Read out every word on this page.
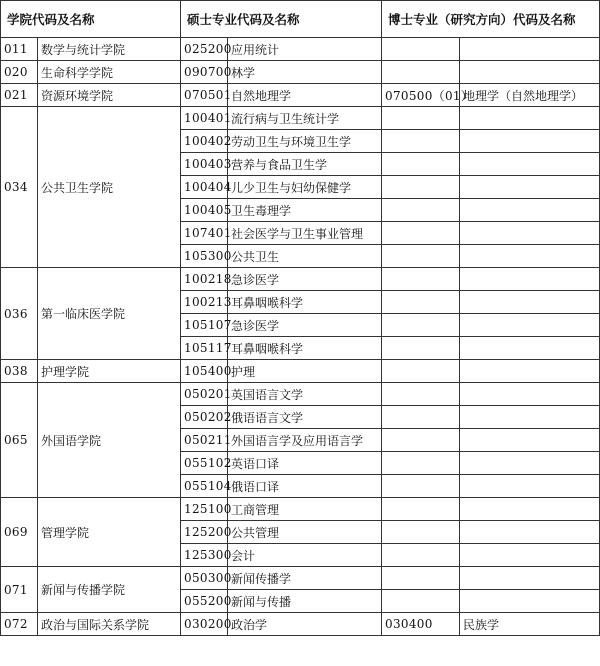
学院代码及名称		硕士专业代码及名称		博士专业（研究方向）代码及名称	
011	数学与统计学院	025200	应用统计		
020	生命科学学院	090700	林学		
021	资源环境学院	070501	自然地理学	070500（01）	地理学（自然地理学）
034	公共卫生学院	100401	流行病与卫生统计学		
		100402	劳动卫生与环境卫生学		
		100403	营养与食品卫生学		
		100404	儿少卫生与妇幼保健学		
		100405	卫生毒理学		
		107401	社会医学与卫生事业管理		
		105300	公共卫生		
036	第一临床医学院	100218	急诊医学		
		100213	耳鼻咽喉科学		
		105107	急诊医学		
		105117	耳鼻咽喉科学		
038	护理学院	105400	护理		
065	外国语学院	050201	英国语言文学		
		050202	俄语语言文学		
		050211	外国语言学及应用语言学		
		055102	英语口译		
		055104	俄语口译		
069	管理学院	125100	工商管理		
		125200	公共管理		
		125300	会计		
071	新闻与传播学院	050300	新闻传播学		
		055200	新闻与传播		
072	政治与国际关系学院	030200	政治学	030400	民族学
